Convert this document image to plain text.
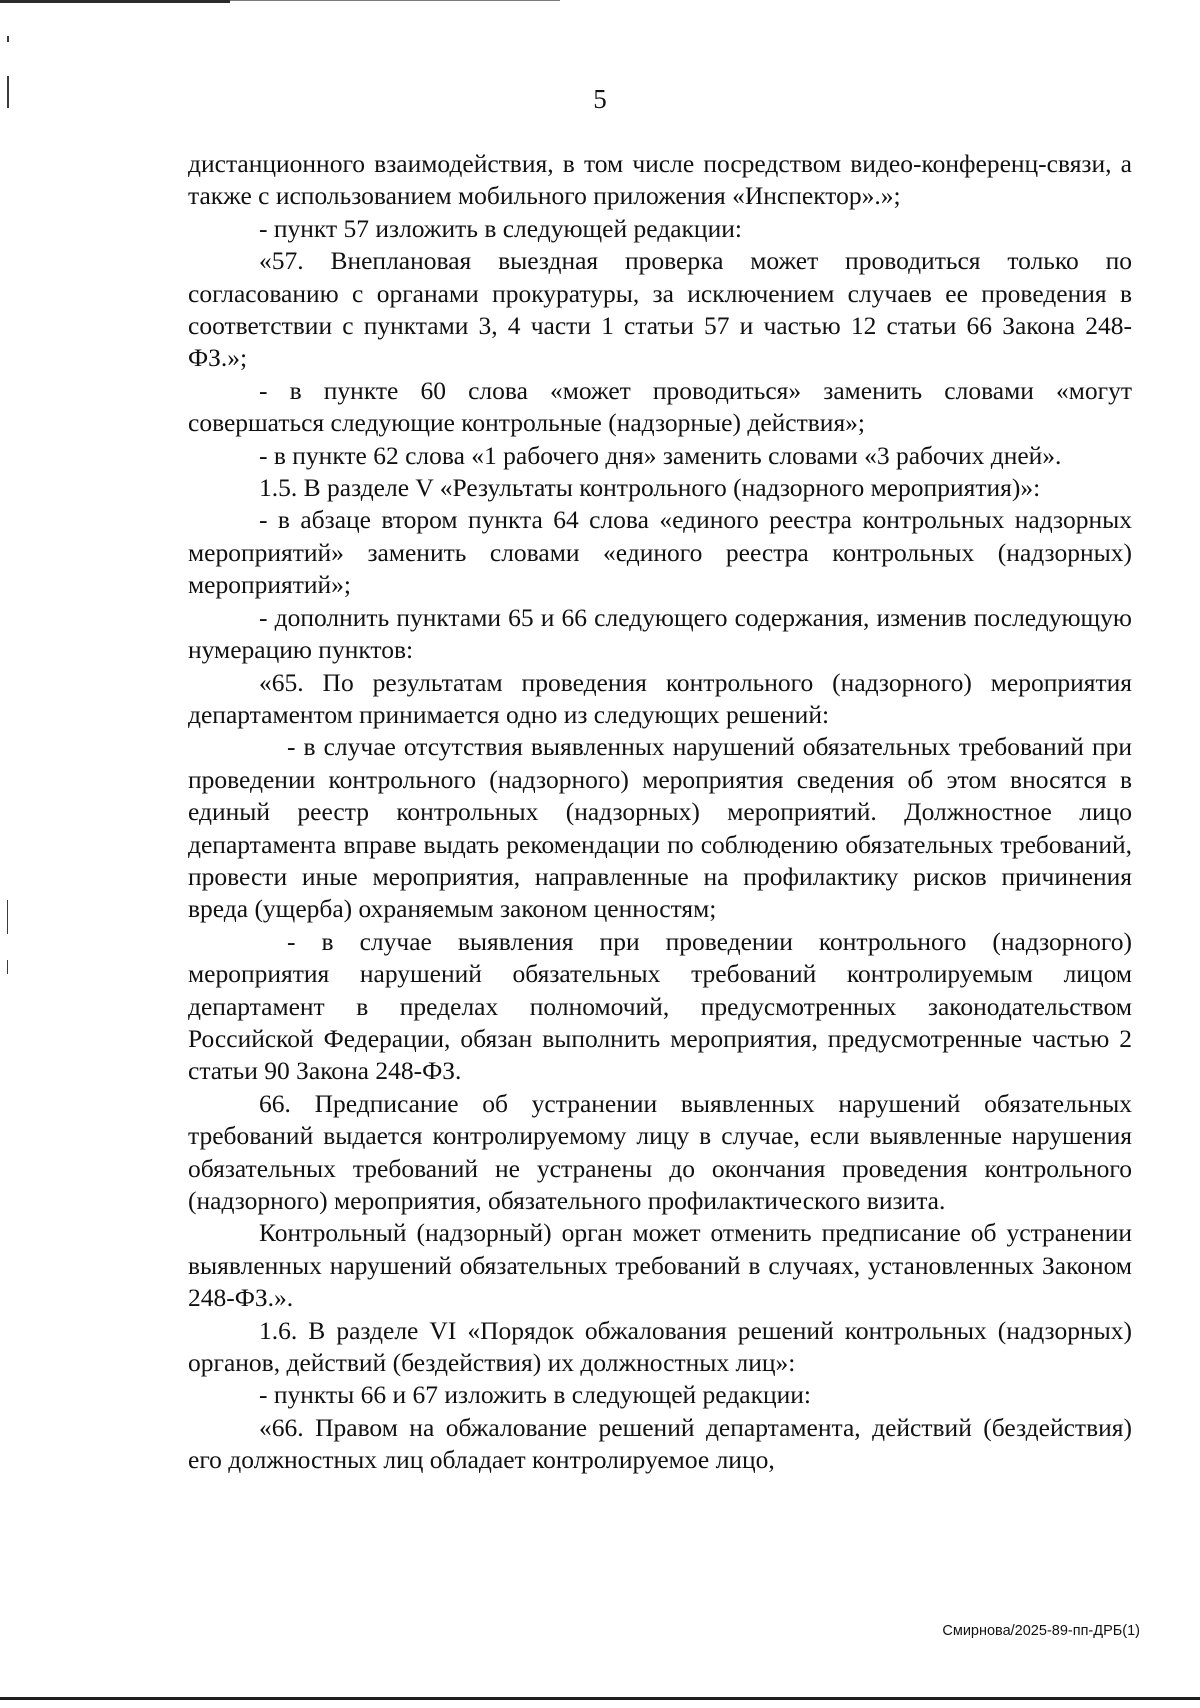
5

дистанционного взаимодействия, в том числе посредством видео-конференц-связи, а также с использованием мобильного приложения «Инспектор».»;

- пункт 57 изложить в следующей редакции:

«57. Внеплановая выездная проверка может проводиться только по согласованию с органами прокуратуры, за исключением случаев ее проведения в соответствии с пунктами 3, 4 части 1 статьи 57 и частью 12 статьи 66 Закона 248-ФЗ.»;

- в пункте 60 слова «может проводиться» заменить словами «могут совершаться следующие контрольные (надзорные) действия»;

- в пункте 62 слова «1 рабочего дня» заменить словами «3 рабочих дней».

1.5. В разделе V «Результаты контрольного (надзорного мероприятия)»:

- в абзаце втором пункта 64 слова «единого реестра контрольных надзорных мероприятий» заменить словами «единого реестра контрольных (надзорных) мероприятий»;

- дополнить пунктами 65 и 66 следующего содержания, изменив последующую нумерацию пунктов:

«65. По результатам проведения контрольного (надзорного) мероприятия департаментом принимается одно из следующих решений:

- в случае отсутствия выявленных нарушений обязательных требований при проведении контрольного (надзорного) мероприятия сведения об этом вносятся в единый реестр контрольных (надзорных) мероприятий. Должностное лицо департамента вправе выдать рекомендации по соблюдению обязательных требований, провести иные мероприятия, направленные на профилактику рисков причинения вреда (ущерба) охраняемым законом ценностям;

- в случае выявления при проведении контрольного (надзорного) мероприятия нарушений обязательных требований контролируемым лицом департамент в пределах полномочий, предусмотренных законодательством Российской Федерации, обязан выполнить мероприятия, предусмотренные частью 2 статьи 90 Закона 248-ФЗ.

66. Предписание об устранении выявленных нарушений обязательных требований выдается контролируемому лицу в случае, если выявленные нарушения обязательных требований не устранены до окончания проведения контрольного (надзорного) мероприятия, обязательного профилактического визита.

Контрольный (надзорный) орган может отменить предписание об устранении выявленных нарушений обязательных требований в случаях, установленных Законом 248-ФЗ.».

1.6. В разделе VI «Порядок обжалования решений контрольных (надзорных) органов, действий (бездействия) их должностных лиц»:

- пункты 66 и 67 изложить в следующей редакции:

«66. Правом на обжалование решений департамента, действий (бездействия) его должностных лиц обладает контролируемое лицо,

Смирнова/2025-89-пп-ДРБ(1)
